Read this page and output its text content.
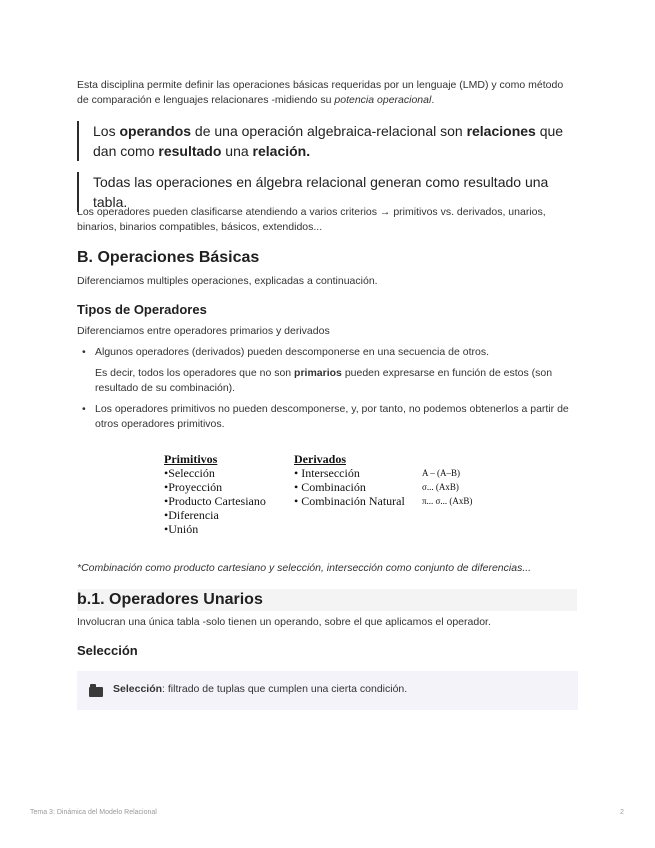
Esta disciplina permite definir las operaciones básicas requeridas por un lenguaje (LMD) y como método de comparación e lenguajes relacionares -midiendo su potencia operacional.

Los operandos de una operación algebraica-relacional son relaciones que dan como resultado una relación.
Todas las operaciones en álgebra relacional generan como resultado una tabla.

Los operadores pueden clasificarse atendiendo a varios criterios → primitivos vs. derivados, unarios, binarios, binarios compatibles, básicos, extendidos...

B. Operaciones Básicas

Diferenciamos multiples operaciones, explicadas a continuación.

Tipos de Operadores

Diferenciamos entre operadores primarios y derivados

• Algunos operadores (derivados) pueden descomponerse en una secuencia de otros.
Es decir, todos los operadores que no son primarios pueden expresarse en función de estos (son resultado de su combinación).
• Los operadores primitivos no pueden descomponerse, y, por tanto, no podemos obtenerlos a partir de otros operadores primitivos.
Primitivos
•Selección
•Proyección
•Producto Cartesiano
•Diferencia
•Unión
Derivados
• Intersección
• Combinación
• Combinación Natural
A – (A–B)
σ... (AxB)
π... σ... (AxB)

*Combinación como producto cartesiano y selección, intersección como conjunto de diferencias...

b.1. Operadores Unarios

Involucran una única tabla -solo tienen un operando, sobre el que aplicamos el operador.

Selección
Selección: filtrado de tuplas que cumplen una cierta condición.
Tema 3: Dinámica del Modelo Relacional	2
